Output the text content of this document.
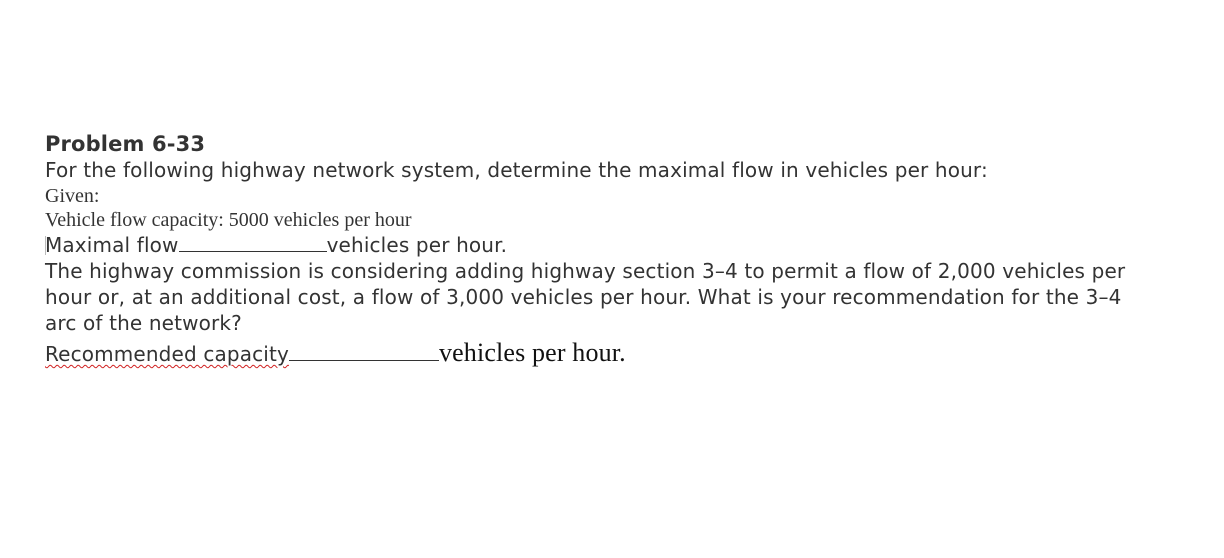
Problem 6-33
For the following highway network system, determine the maximal flow in vehicles per hour:
Given:
Vehicle flow capacity: 5000 vehicles per hour
Maximal flow	vehicles per hour.
The highway commission is considering adding highway section 3–4 to permit a flow of 2,000 vehicles per hour or, at an additional cost, a flow of 3,000 vehicles per hour. What is your recommendation for the 3–4 arc of the network?
Recommended capacity	vehicles per hour.
